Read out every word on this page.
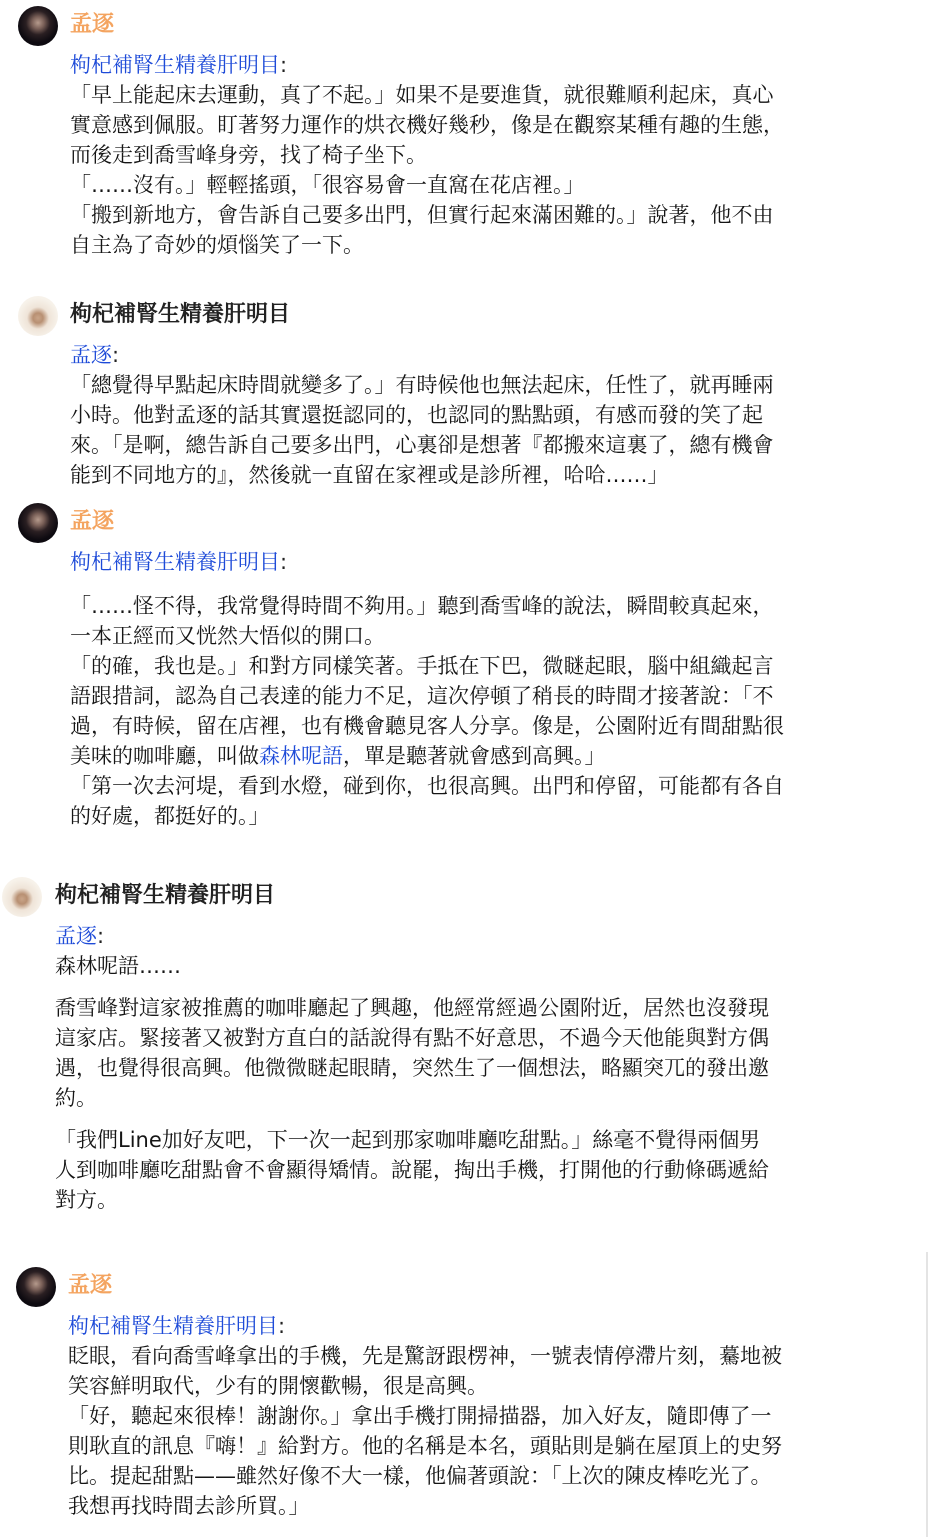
孟逐
枸杞補腎生精養肝明目:
「早上能起床去運動，真了不起。」如果不是要進貨，就很難順利起床，真心
實意感到佩服。盯著努力運作的烘衣機好幾秒，像是在觀察某種有趣的生態，
而後走到喬雪峰身旁，找了椅子坐下。
「……沒有。」輕輕搖頭，「很容易會一直窩在花店裡。」
「搬到新地方，會告訴自己要多出門，但實行起來滿困難的。」說著，他不由
自主為了奇妙的煩惱笑了一下。
枸杞補腎生精養肝明目
孟逐:
「總覺得早點起床時間就變多了。」有時候他也無法起床，任性了，就再睡兩
小時。他對孟逐的話其實還挺認同的，也認同的點點頭，有感而發的笑了起
來。「是啊，總告訴自己要多出門，心裏卻是想著『都搬來這裏了，總有機會
能到不同地方的』，然後就一直留在家裡或是診所裡，哈哈……」
孟逐
枸杞補腎生精養肝明目:
「……怪不得，我常覺得時間不夠用。」聽到喬雪峰的說法，瞬間較真起來，
一本正經而又恍然大悟似的開口。
「的確，我也是。」和對方同樣笑著。手抵在下巴，微瞇起眼，腦中組織起言
語跟措詞，認為自己表達的能力不足，這次停頓了稍長的時間才接著說：「不
過，有時候，留在店裡，也有機會聽見客人分享。像是，公園附近有間甜點很
美味的咖啡廳，叫做森林呢語，單是聽著就會感到高興。」
「第一次去河堤，看到水燈，碰到你，也很高興。出門和停留，可能都有各自
的好處，都挺好的。」
枸杞補腎生精養肝明目
孟逐:
森林呢語……
喬雪峰對這家被推薦的咖啡廳起了興趣，他經常經過公園附近，居然也沒發現
這家店。緊接著又被對方直白的話說得有點不好意思，不過今天他能與對方偶
遇，也覺得很高興。他微微瞇起眼睛，突然生了一個想法，略顯突兀的發出邀
約。
「我們Line加好友吧，下一次一起到那家咖啡廳吃甜點。」絲毫不覺得兩個男
人到咖啡廳吃甜點會不會顯得矯情。說罷，掏出手機，打開他的行動條碼遞給
對方。
孟逐
枸杞補腎生精養肝明目:
眨眼，看向喬雪峰拿出的手機，先是驚訝跟楞神，一號表情停滯片刻，驀地被
笑容鮮明取代，少有的開懷歡暢，很是高興。
「好，聽起來很棒！謝謝你。」拿出手機打開掃描器，加入好友，隨即傳了一
則耿直的訊息『嗨！』給對方。他的名稱是本名，頭貼則是躺在屋頂上的史努
比。提起甜點——雖然好像不大一樣，他偏著頭說：「上次的陳皮棒吃光了。
我想再找時間去診所買。」
